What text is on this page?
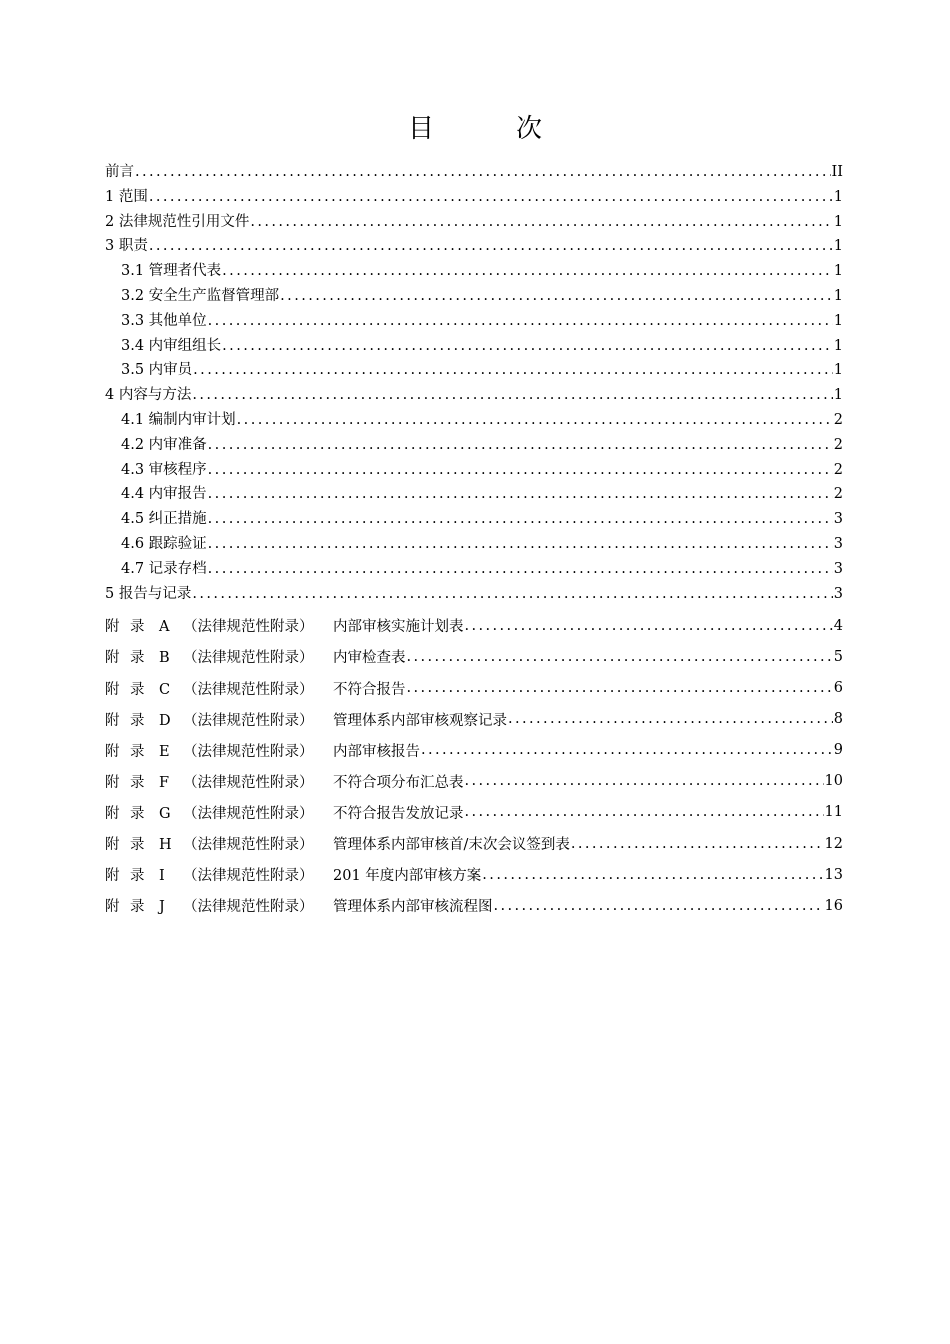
目	次
前言 .....	II
1 范围 .....	1
2 法律规范性引用文件 .....	1
3 职责 .....	1
3.1 管理者代表 .....	1
3.2 安全生产监督管理部 .....	1
3.3 其他单位 .....	1
3.4 内审组组长 .....	1
3.5 内审员 .....	1
4 内容与方法 .....	1
4.1 编制内审计划 .....	2
4.2 内审准备 .....	2
4.3 审核程序 .....	2
4.4 内审报告 .....	2
4.5 纠正措施 .....	3
4.6 跟踪验证 .....	3
4.7 记录存档 .....	3
5 报告与记录 .....	3
附 录 A （法律规范性附录） 内部审核实施计划表 .....	4
附 录 B （法律规范性附录） 内审检查表 .....	5
附 录 C （法律规范性附录） 不符合报告 .....	6
附 录 D （法律规范性附录） 管理体系内部审核观察记录 .....	8
附 录 E （法律规范性附录） 内部审核报告 .....	9
附 录 F （法律规范性附录） 不符合项分布汇总表 .....	10
附 录 G （法律规范性附录） 不符合报告发放记录 .....	11
附 录 H （法律规范性附录） 管理体系内部审核首/末次会议签到表 .....	12
附 录 I （法律规范性附录） 201 年度内部审核方案 .....	13
附 录 J （法律规范性附录） 管理体系内部审核流程图 .....	16
